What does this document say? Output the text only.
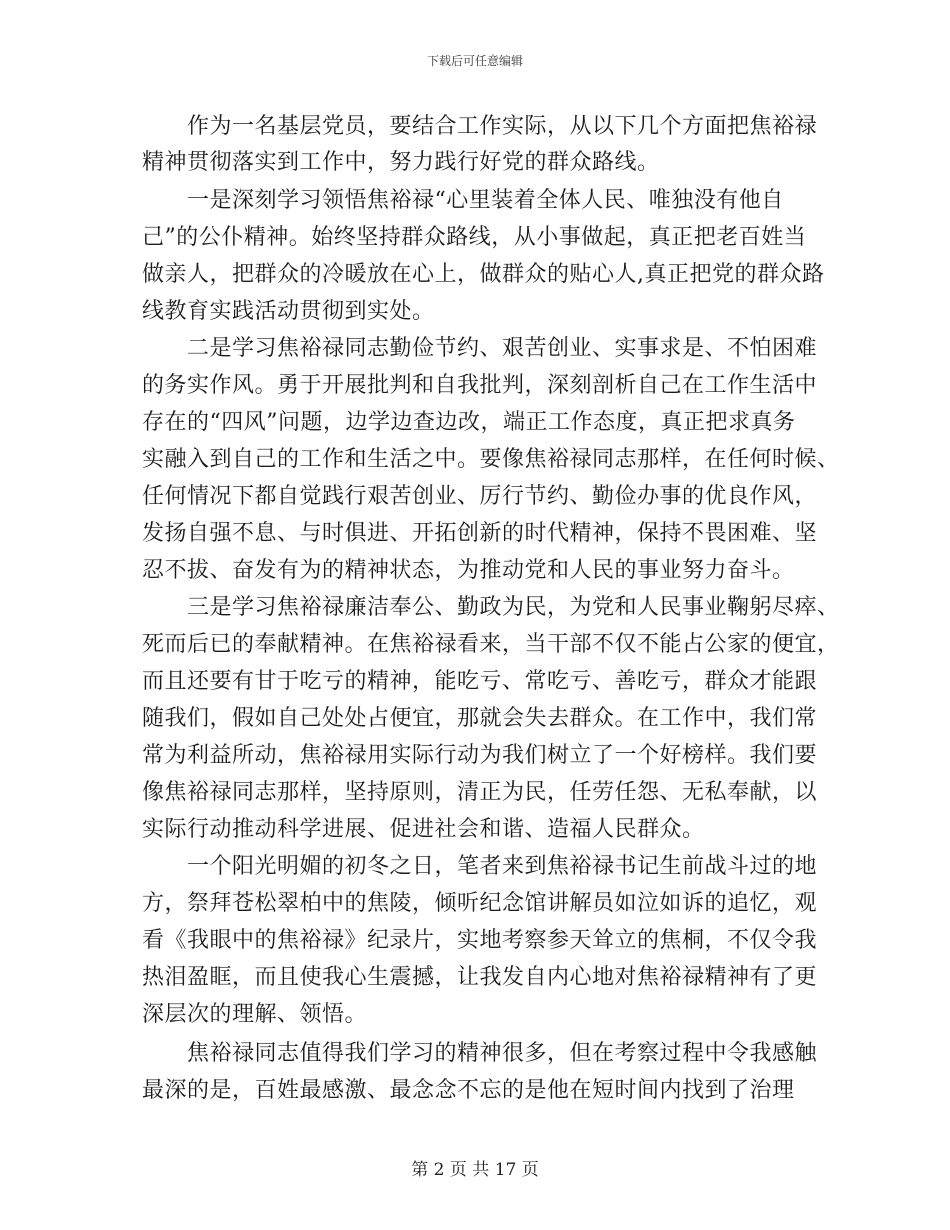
下载后可任意编辑
　　作为一名基层党员，要结合工作实际，从以下几个方面把焦裕禄
精神贯彻落实到工作中，努力践行好党的群众路线。
　　一是深刻学习领悟焦裕禄“心里装着全体人民、唯独没有他自
己”的公仆精神。始终坚持群众路线，从小事做起，真正把老百姓当
做亲人，把群众的冷暖放在心上，做群众的贴心人,真正把党的群众路
线教育实践活动贯彻到实处。
　　二是学习焦裕禄同志勤俭节约、艰苦创业、实事求是、不怕困难
的务实作风。勇于开展批判和自我批判，深刻剖析自己在工作生活中
存在的“四风”问题，边学边查边改，端正工作态度，真正把求真务
实融入到自己的工作和生活之中。要像焦裕禄同志那样，在任何时候、
任何情况下都自觉践行艰苦创业、厉行节约、勤俭办事的优良作风，
发扬自强不息、与时俱进、开拓创新的时代精神，保持不畏困难、坚
忍不拔、奋发有为的精神状态，为推动党和人民的事业努力奋斗。
　　三是学习焦裕禄廉洁奉公、勤政为民，为党和人民事业鞠躬尽瘁、
死而后已的奉献精神。在焦裕禄看来，当干部不仅不能占公家的便宜，
而且还要有甘于吃亏的精神，能吃亏、常吃亏、善吃亏，群众才能跟
随我们，假如自己处处占便宜，那就会失去群众。在工作中，我们常
常为利益所动，焦裕禄用实际行动为我们树立了一个好榜样。我们要
像焦裕禄同志那样，坚持原则，清正为民，任劳任怨、无私奉献，以
实际行动推动科学进展、促进社会和谐、造福人民群众。
　　一个阳光明媚的初冬之日，笔者来到焦裕禄书记生前战斗过的地
方，祭拜苍松翠柏中的焦陵，倾听纪念馆讲解员如泣如诉的追忆，观
看《我眼中的焦裕禄》纪录片，实地考察参天耸立的焦桐，不仅令我
热泪盈眶，而且使我心生震撼，让我发自内心地对焦裕禄精神有了更
深层次的理解、领悟。
　　焦裕禄同志值得我们学习的精神很多，但在考察过程中令我感触
最深的是，百姓最感激、最念念不忘的是他在短时间内找到了治理
第 2 页 共 17 页
